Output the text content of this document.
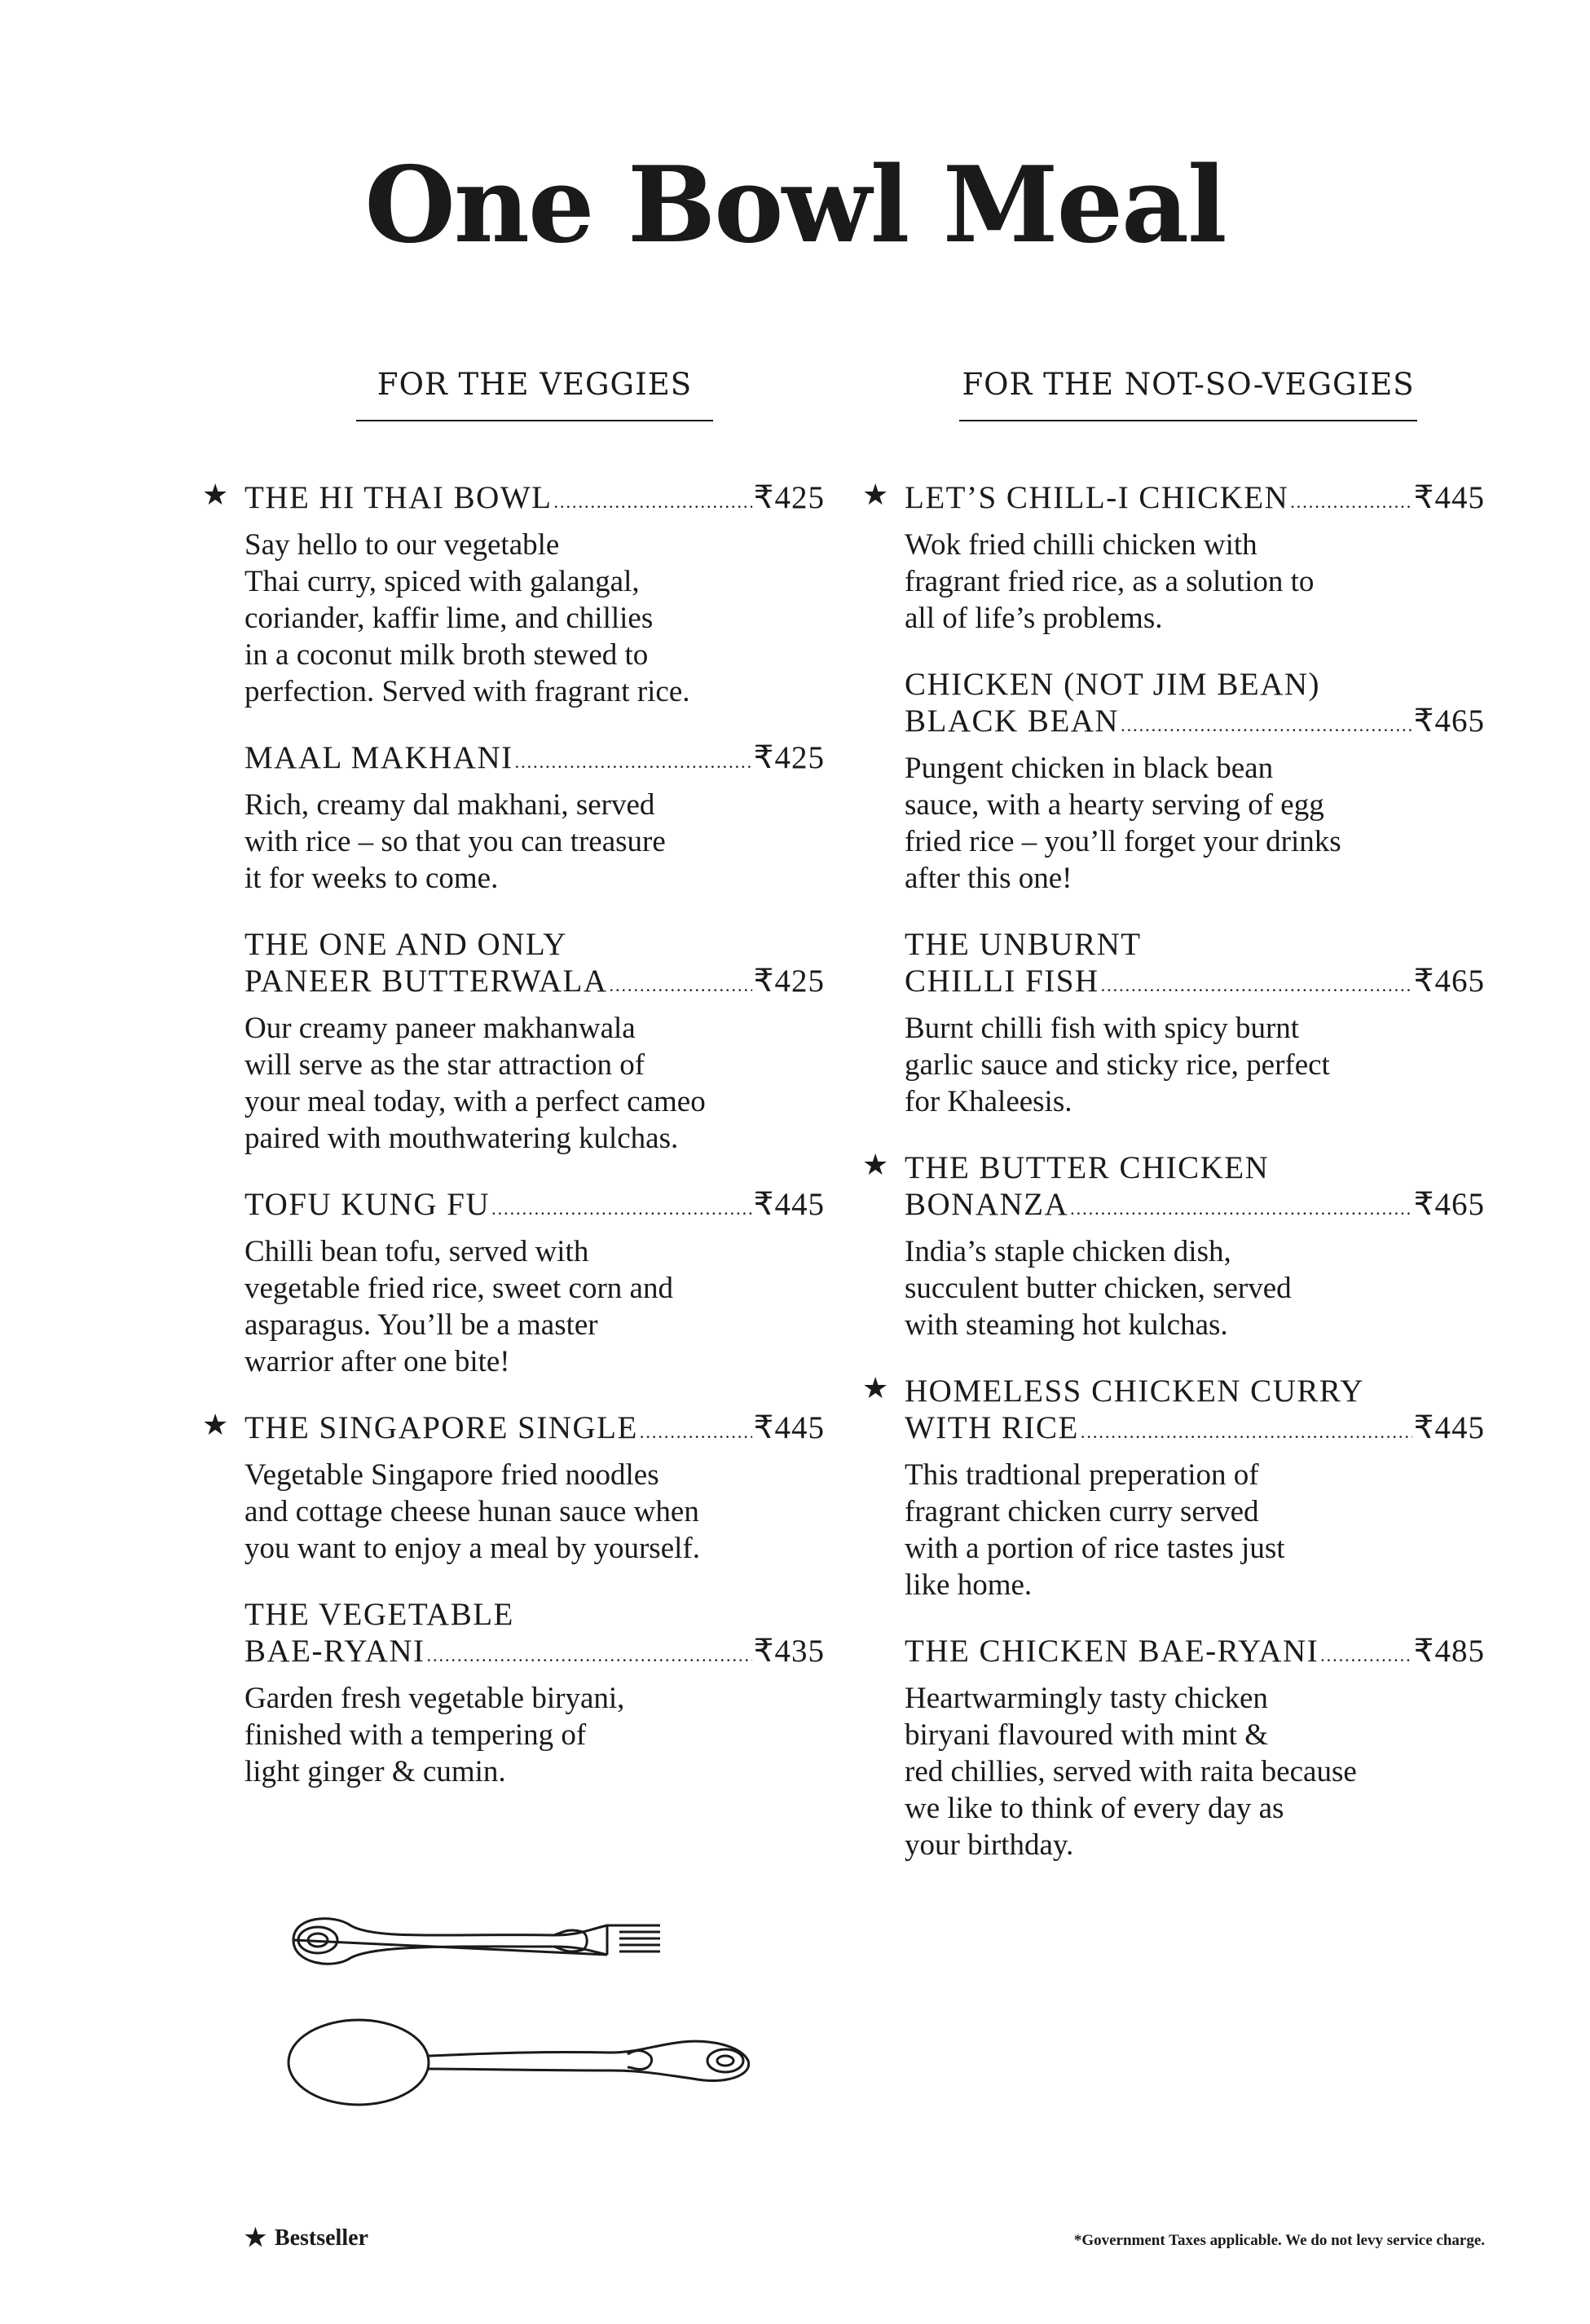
One Bowl Meal
FOR THE VEGGIES	FOR THE NOT-SO-VEGGIES
★ THE HI THAI BOWL .....	₹425
Say hello to our vegetable
Thai curry, spiced with galangal,
coriander, kaffir lime, and chillies
in a coconut milk broth stewed to
perfection. Served with fragrant rice.
MAAL MAKHANI .....	₹425
Rich, creamy dal makhani, served
with rice – so that you can treasure
it for weeks to come.
THE ONE AND ONLY
PANEER BUTTERWALA .....	₹425
Our creamy paneer makhanwala
will serve as the star attraction of
your meal today, with a perfect cameo
paired with mouthwatering kulchas.
TOFU KUNG FU .....	₹445
Chilli bean tofu, served with
vegetable fried rice, sweet corn and
asparagus. You’ll be a master
warrior after one bite!
★ THE SINGAPORE SINGLE .....	₹445
Vegetable Singapore fried noodles
and cottage cheese hunan sauce when
you want to enjoy a meal by yourself.
THE VEGETABLE
BAE-RYANI .....	₹435
Garden fresh vegetable biryani,
finished with a tempering of
light ginger & cumin.
★ LET’S CHILL-I CHICKEN .....	₹445
Wok fried chilli chicken with
fragrant fried rice, as a solution to
all of life’s problems.
CHICKEN (NOT JIM BEAN)
BLACK BEAN .....	₹465
Pungent chicken in black bean
sauce, with a hearty serving of egg
fried rice – you’ll forget your drinks
after this one!
THE UNBURNT
CHILLI FISH .....	₹465
Burnt chilli fish with spicy burnt
garlic sauce and sticky rice, perfect
for Khaleesis.
★ THE BUTTER CHICKEN
BONANZA .....	₹465
India’s staple chicken dish,
succulent butter chicken, served
with steaming hot kulchas.
★ HOMELESS CHICKEN CURRY
WITH RICE .....	₹445
This tradtional preperation of
fragrant chicken curry served
with a portion of rice tastes just
like home.
THE CHICKEN BAE-RYANI .....	₹485
Heartwarmingly tasty chicken
biryani flavoured with mint &
red chillies, served with raita because
we like to think of every day as
your birthday.
★ Bestseller	*Government Taxes applicable. We do not levy service charge.
